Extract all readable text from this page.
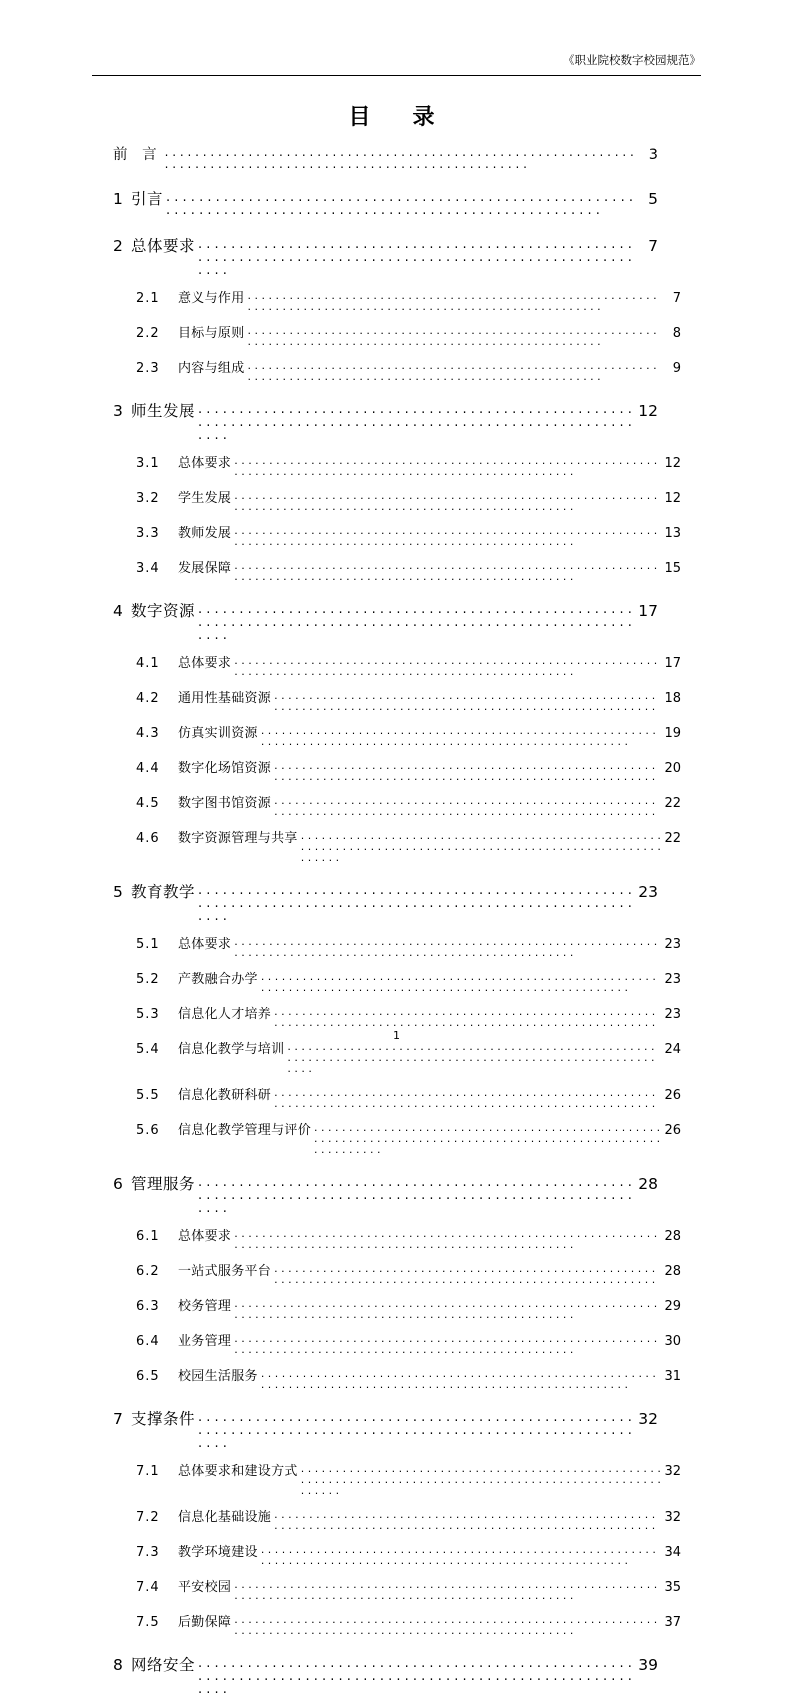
《职业院校数字校园规范》
目　录
前 言 . . .	3
1 引言 . . .	5
2 总体要求 . . .	7
2.1	意义与作用 . . .	7
2.2	目标与原则 . . .	8
2.3	内容与组成 . . .	9
3 师生发展 . . .	12
3.1	总体要求 . . .	12
3.2	学生发展 . . .	12
3.3	教师发展 . . .	13
3.4	发展保障 . . .	15
4 数字资源 . . .	17
4.1	总体要求 . . .	17
4.2	通用性基础资源 . . .	18
4.3	仿真实训资源 . . .	19
4.4	数字化场馆资源 . . .	20
4.5	数字图书馆资源 . . .	22
4.6	数字资源管理与共享 . . .	22
5 教育教学 . . .	23
5.1	总体要求 . . .	23
5.2	产教融合办学 . . .	23
5.3	信息化人才培养 . . .	23
5.4	信息化教学与培训 . . .	24
5.5	信息化教研科研 . . .	26
5.6	信息化教学管理与评价 . . .	26
6 管理服务 . . .	28
6.1	总体要求 . . .	28
6.2	一站式服务平台 . . .	28
6.3	校务管理 . . .	29
6.4	业务管理 . . .	30
6.5	校园生活服务 . . .	31
7 支撑条件 . . .	32
7.1	总体要求和建设方式 . . .	32
7.2	信息化基础设施 . . .	32
7.3	教学环境建设 . . .	34
7.4	平安校园 . . .	35
7.5	后勤保障 . . .	37
8 网络安全 . . .	39
1
